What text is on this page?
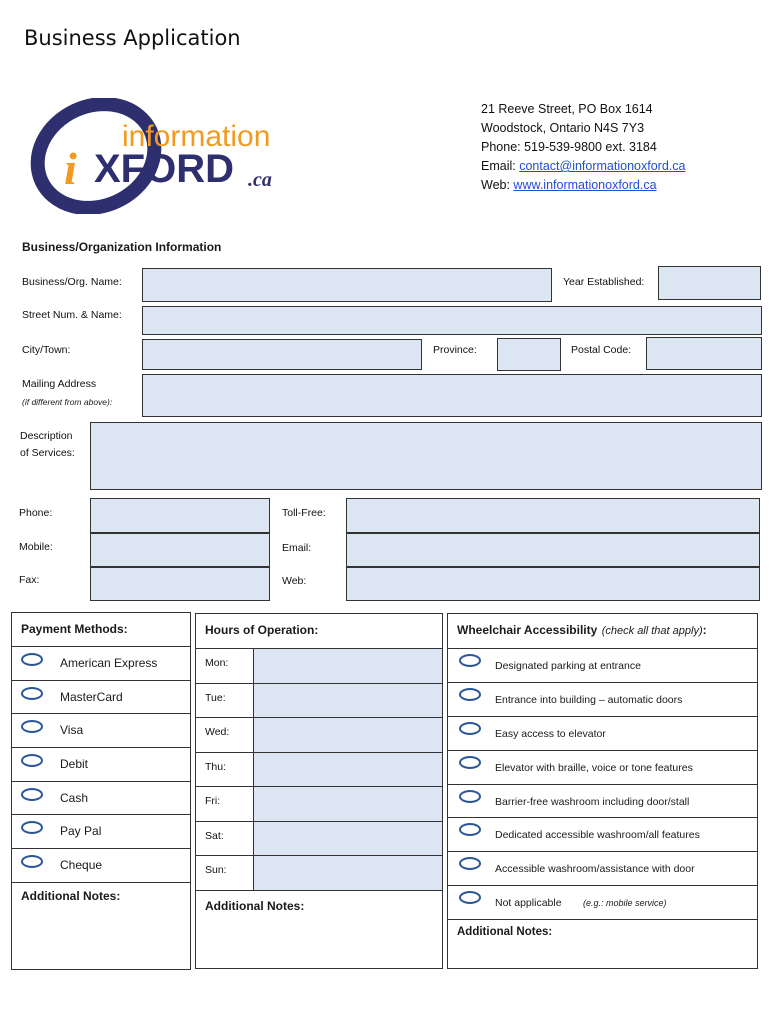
Business Application
information
i XFORD .ca
21 Reeve Street, PO Box 1614
Woodstock, Ontario N4S 7Y3
Phone: 519-539-9800 ext. 3184
Email: contact@informationoxford.ca
Web: www.informationoxford.ca
Business/Organization Information
Business/Org. Name:	Year Established:
Street Num. & Name:
City/Town:	Province:	Postal Code:
Mailing Address
(if different from above):
Description
of Services:
Phone:	Toll-Free:
Mobile:	Email:
Fax:	Web:
Payment Methods:
American Express
MasterCard
Visa
Debit
Cash
Pay Pal
Cheque
Additional Notes:
Hours of Operation:
Mon:
Tue:
Wed:
Thu:
Fri:
Sat:
Sun:
Additional Notes:
Wheelchair Accessibility (check all that apply):
Designated parking at entrance
Entrance into building – automatic doors
Easy access to elevator
Elevator with braille, voice or tone features
Barrier-free washroom including door/stall
Dedicated accessible washroom/all features
Accessible washroom/assistance with door
Not applicable (e.g.: mobile service)
Additional Notes:
